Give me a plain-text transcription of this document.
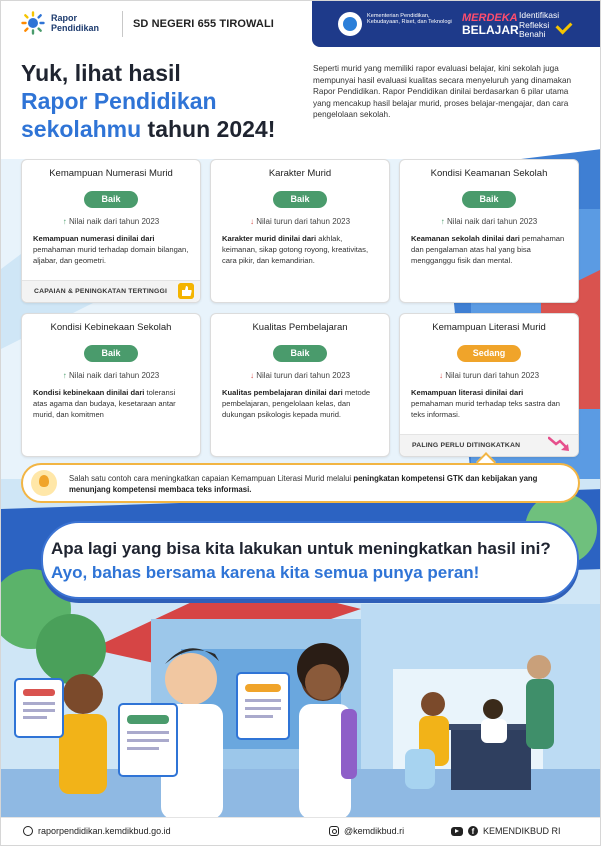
Rapor
Pendidikan	SD NEGERI 655 TIROWALI
Kementerian Pendidikan, Kebudayaan, Riset, dan Teknologi MERDEKA
BELAJAR
Identifikasi
Refleksi
Benahi
Yuk, lihat hasil
Rapor Pendidikan
sekolahmu tahun 2024!
Seperti murid yang memiliki rapor evaluasi belajar, kini sekolah juga mempunyai hasil evaluasi kualitas secara menyeluruh yang dinamakan Rapor Pendidikan. Rapor Pendidikan dinilai berdasarkan 6 pilar utama yang mencakup hasil belajar murid, proses belajar-mengajar, dan cara pengelolaan sekolah.
Kemampuan Numerasi Murid
Baik
↑ Nilai naik dari tahun 2023
Kemampuan numerasi dinilai dari pemahaman murid terhadap domain bilangan, aljabar, dan geometri.
CAPAIAN & PENINGKATAN TERTINGGI
Karakter Murid
Baik
↓ Nilai turun dari tahun 2023
Karakter murid dinilai dari akhlak, keimanan, sikap gotong royong, kreativitas, cara pikir, dan kemandirian.
Kondisi Keamanan Sekolah
Baik
↑ Nilai naik dari tahun 2023
Keamanan sekolah dinilai dari pemahaman dan pengalaman atas hal yang bisa mengganggu fisik dan mental.
Kondisi Kebinekaan Sekolah
Baik
↑ Nilai naik dari tahun 2023
Kondisi kebinekaan dinilai dari toleransi atas agama dan budaya, kesetaraan antar murid, dan komitmen
Kualitas Pembelajaran
Baik
↓ Nilai turun dari tahun 2023
Kualitas pembelajaran dinilai dari metode pembelajaran, pengelolaan kelas, dan dukungan psikologis kepada murid.
Kemampuan Literasi Murid
Sedang
↓ Nilai turun dari tahun 2023
Kemampuan literasi dinilai dari pemahaman murid terhadap teks sastra dan teks informasi.
PALING PERLU DITINGKATKAN
Salah satu contoh cara meningkatkan capaian Kemampuan Literasi Murid melalui peningkatan kompetensi GTK dan kebijakan yang menunjang kompetensi membaca teks informasi.
Apa lagi yang bisa kita lakukan untuk meningkatkan hasil ini?
Ayo, bahas bersama karena kita semua punya peran!
raporpendidikan.kemdikbud.go.id	@kemdikbud.ri	f KEMENDIKBUD RI
